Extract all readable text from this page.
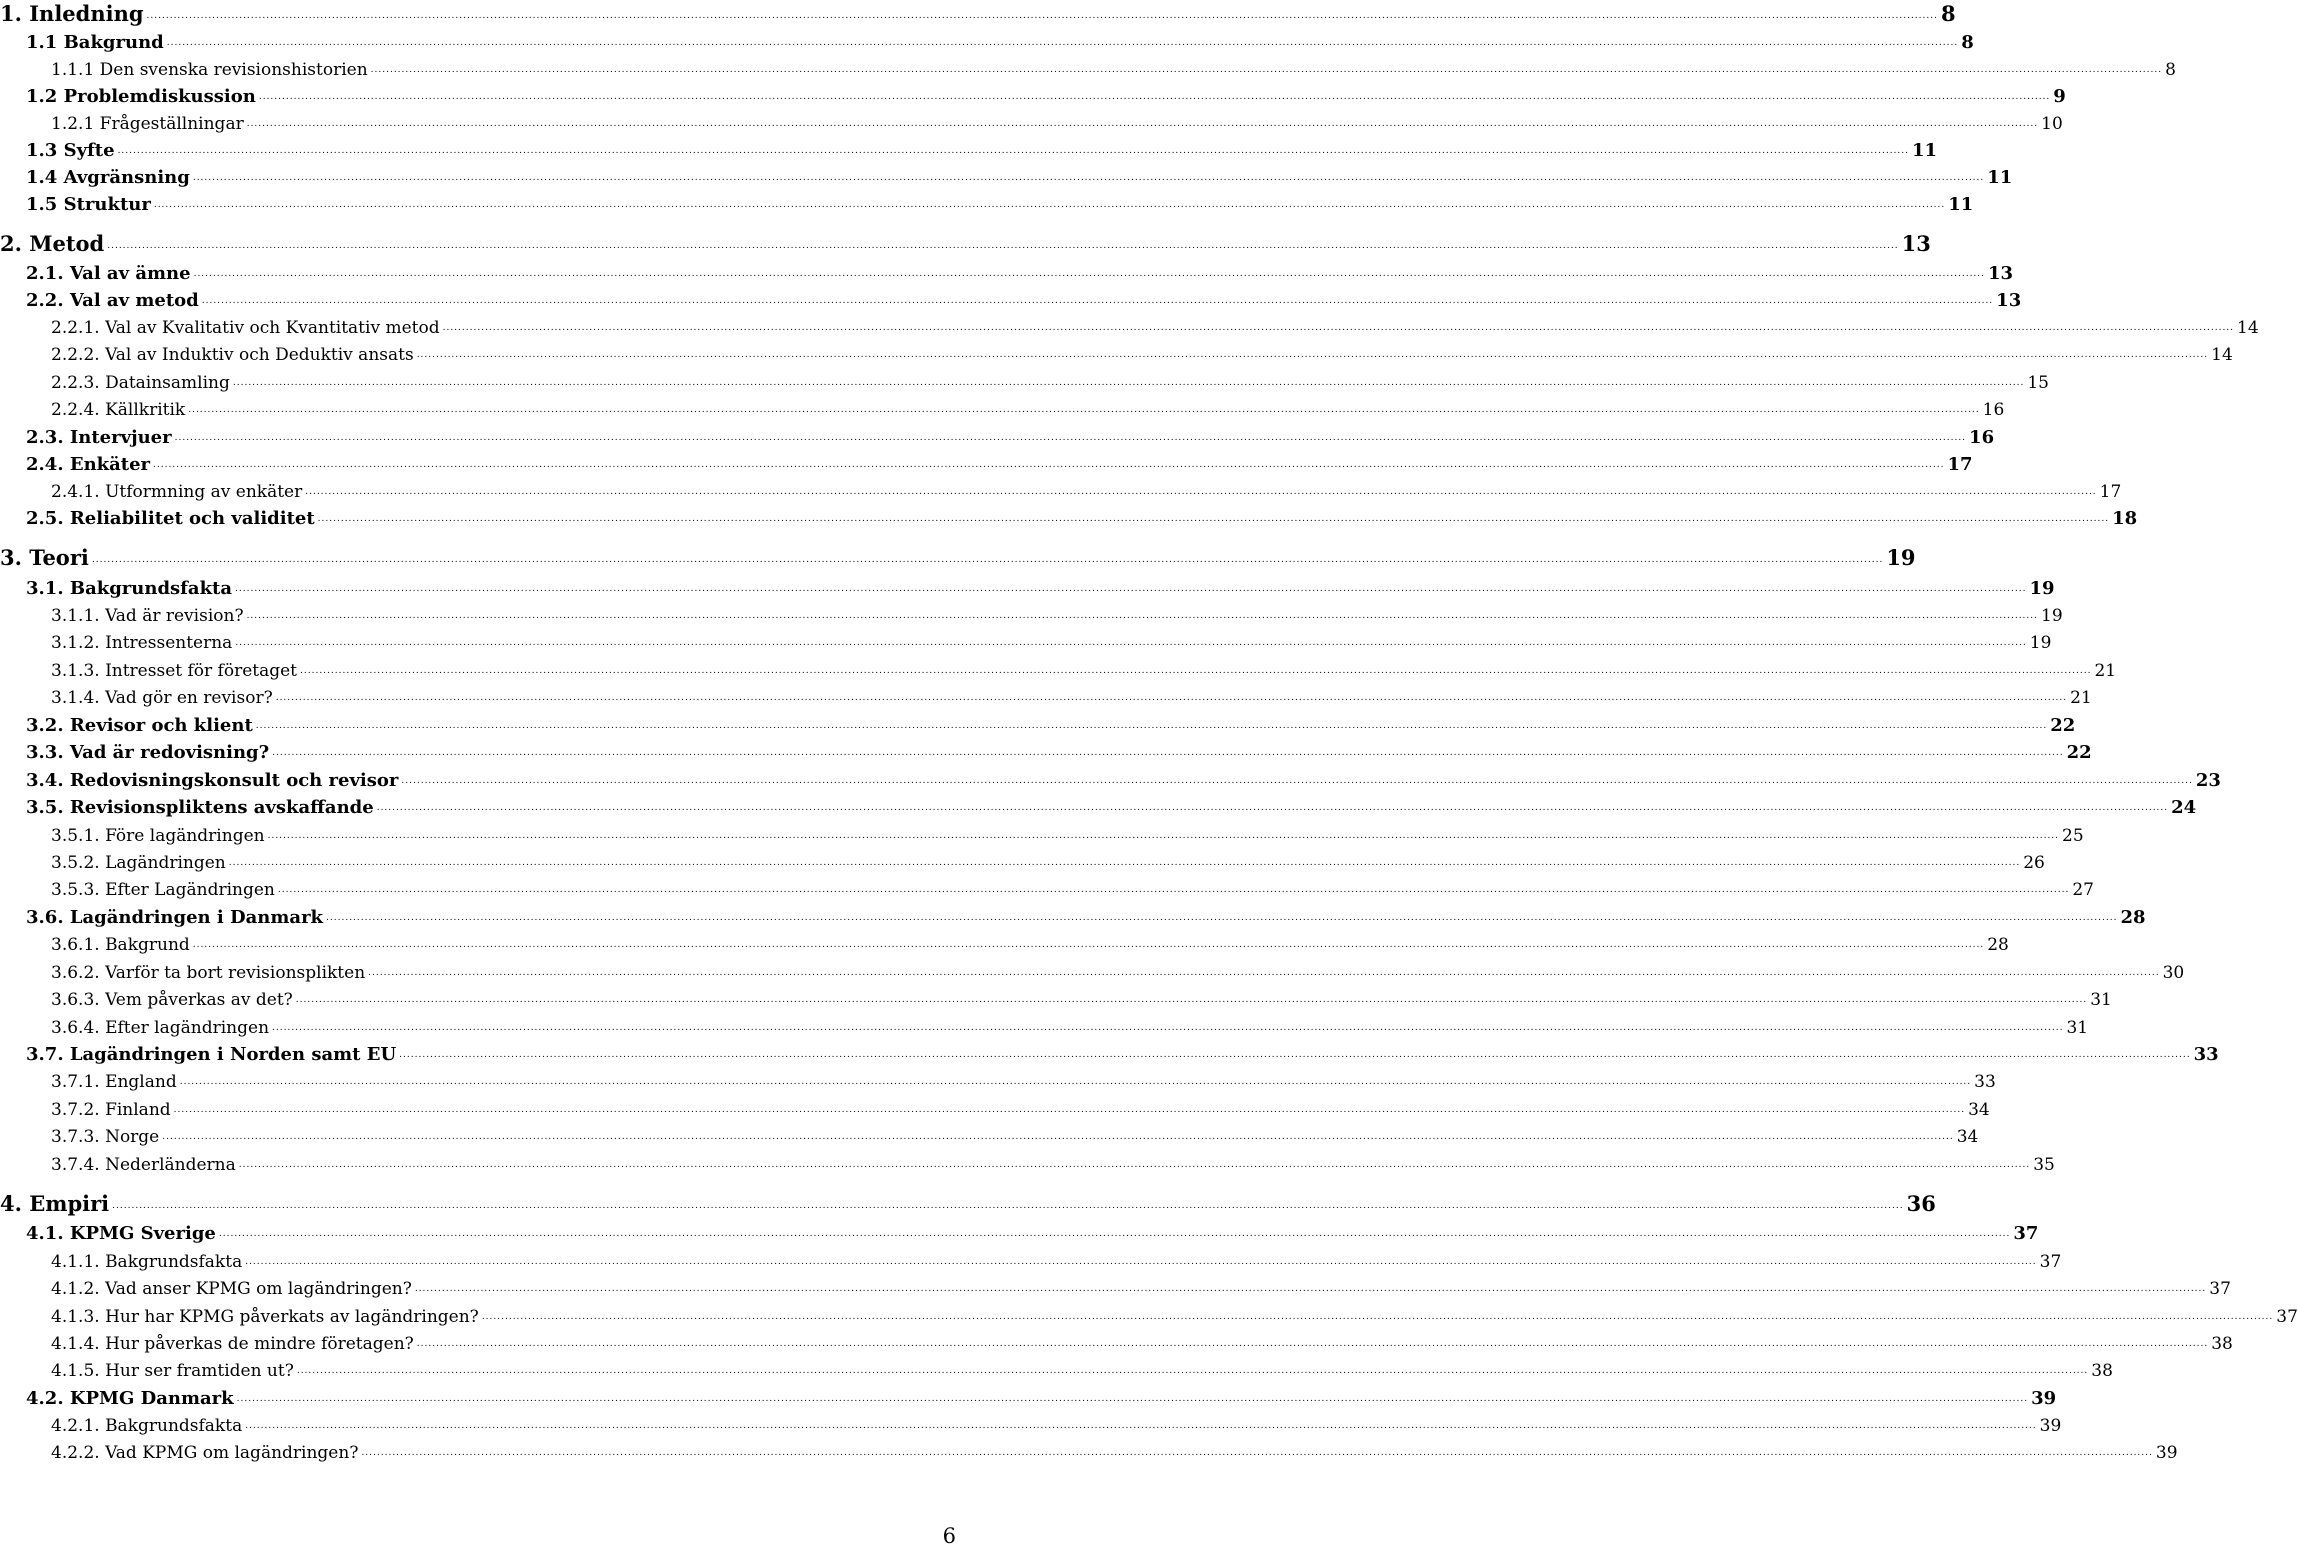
1. Inledning .....	8
1.1 Bakgrund .....	8
1.1.1 Den svenska revisionshistorien .....	8
1.2 Problemdiskussion .....	9
1.2.1 Frågeställningar .....	10
1.3 Syfte .....	11
1.4 Avgränsning .....	11
1.5 Struktur .....	11
2. Metod .....	13
2.1. Val av ämne .....	13
2.2. Val av metod .....	13
2.2.1. Val av Kvalitativ och Kvantitativ metod .....	14
2.2.2. Val av Induktiv och Deduktiv ansats .....	14
2.2.3. Datainsamling .....	15
2.2.4. Källkritik .....	16
2.3. Intervjuer .....	16
2.4. Enkäter .....	17
2.4.1. Utformning av enkäter .....	17
2.5. Reliabilitet och validitet .....	18
3. Teori .....	19
3.1. Bakgrundsfakta .....	19
3.1.1. Vad är revision? .....	19
3.1.2. Intressenterna .....	19
3.1.3. Intresset för företaget .....	21
3.1.4. Vad gör en revisor? .....	21
3.2. Revisor och klient .....	22
3.3. Vad är redovisning? .....	22
3.4. Redovisningskonsult och revisor .....	23
3.5. Revisionspliktens avskaffande .....	24
3.5.1. Före lagändringen .....	25
3.5.2. Lagändringen .....	26
3.5.3. Efter Lagändringen .....	27
3.6. Lagändringen i Danmark .....	28
3.6.1. Bakgrund .....	28
3.6.2. Varför ta bort revisionsplikten .....	30
3.6.3. Vem påverkas av det? .....	31
3.6.4. Efter lagändringen .....	31
3.7. Lagändringen i Norden samt EU .....	33
3.7.1. England .....	33
3.7.2. Finland .....	34
3.7.3. Norge .....	34
3.7.4. Nederländerna .....	35
4. Empiri .....	36
4.1. KPMG Sverige .....	37
4.1.1. Bakgrundsfakta .....	37
4.1.2. Vad anser KPMG om lagändringen? .....	37
4.1.3. Hur har KPMG påverkats av lagändringen? .....	37
4.1.4. Hur påverkas de mindre företagen? .....	38
4.1.5. Hur ser framtiden ut? .....	38
4.2. KPMG Danmark .....	39
4.2.1. Bakgrundsfakta .....	39
4.2.2. Vad KPMG om lagändringen? .....	39
6
